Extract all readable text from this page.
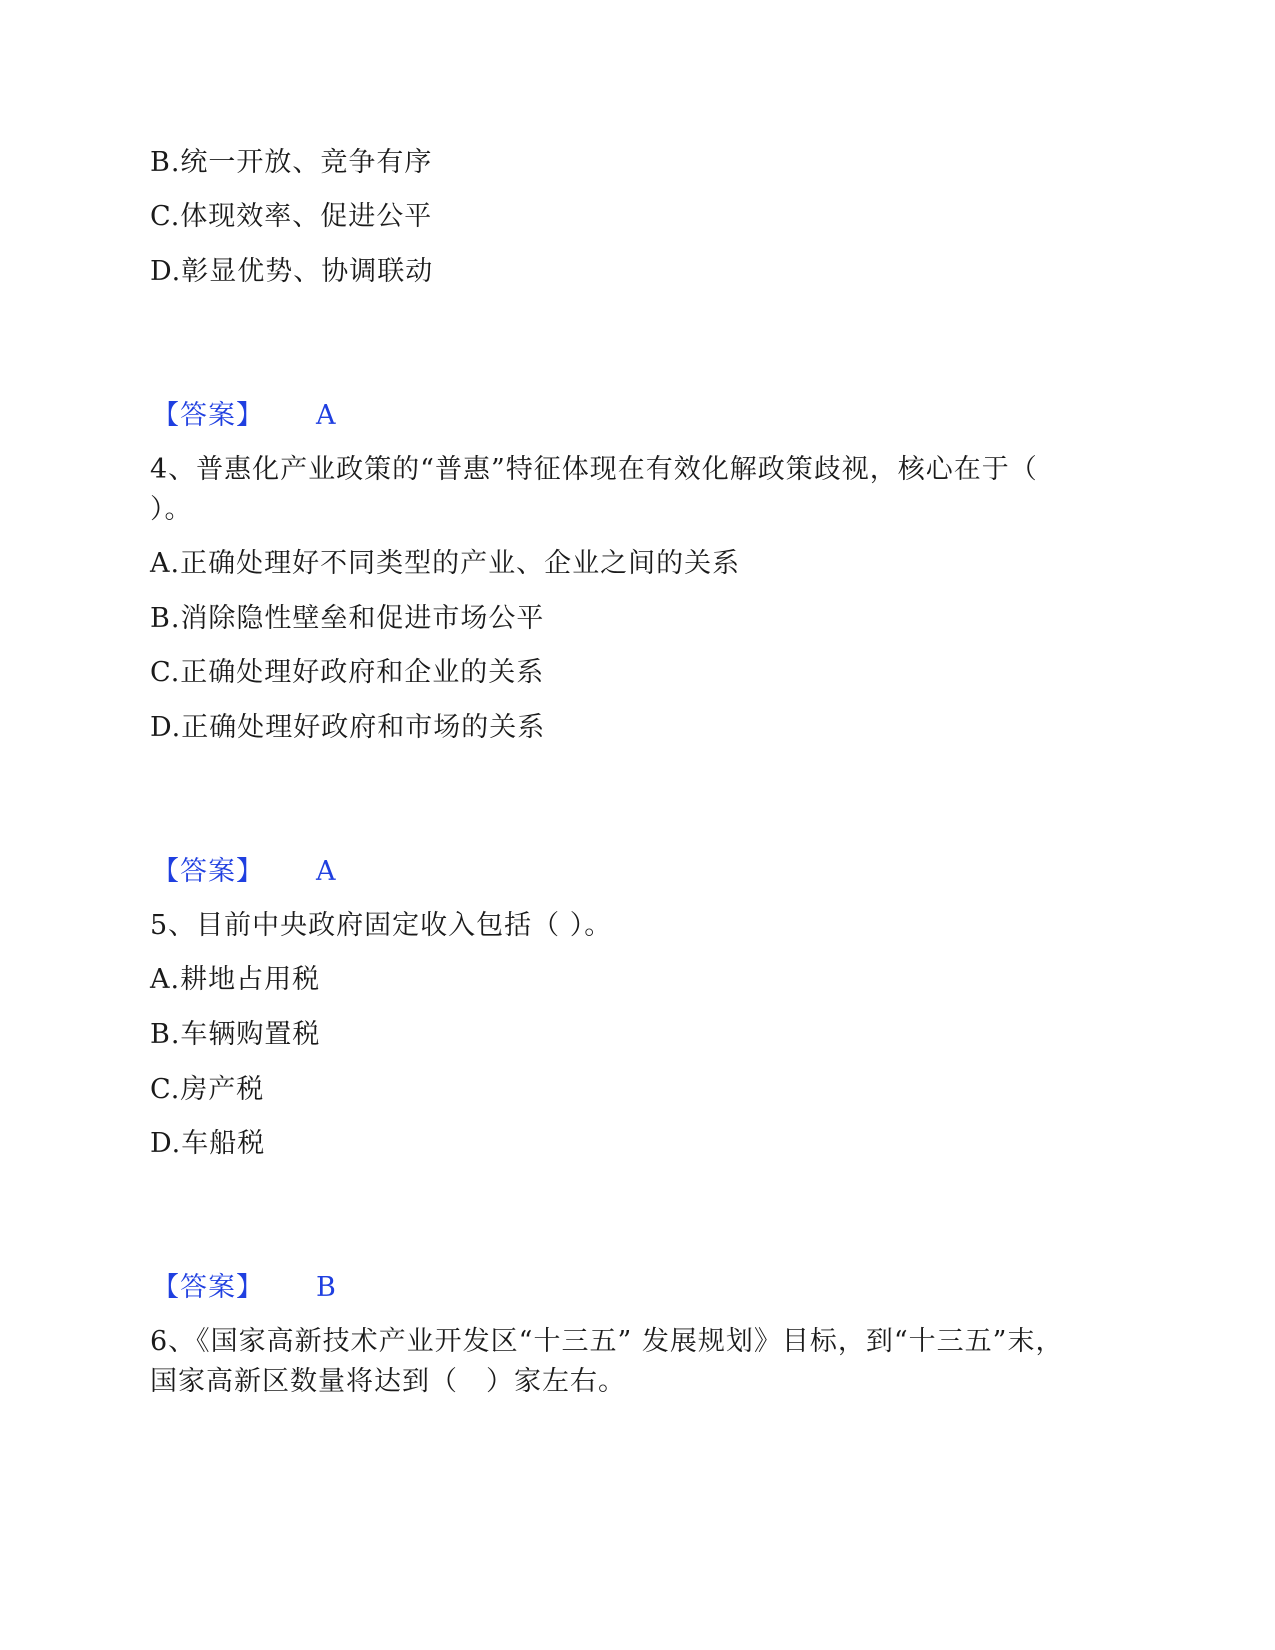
B.统一开放、竞争有序
C.体现效率、促进公平
D.彰显优势、协调联动
【答案】 A
4、普惠化产业政策的“普惠”特征体现在有效化解政策歧视，核心在于（
）。
A.正确处理好不同类型的产业、企业之间的关系
B.消除隐性壁垒和促进市场公平
C.正确处理好政府和企业的关系
D.正确处理好政府和市场的关系
【答案】 A
5、目前中央政府固定收入包括（ ）。
A.耕地占用税
B.车辆购置税
C.房产税
D.车船税
【答案】 B
6、《国家高新技术产业开发区“十三五” 发展规划》目标，到“十三五”末，
国家高新区数量将达到（　）家左右。
